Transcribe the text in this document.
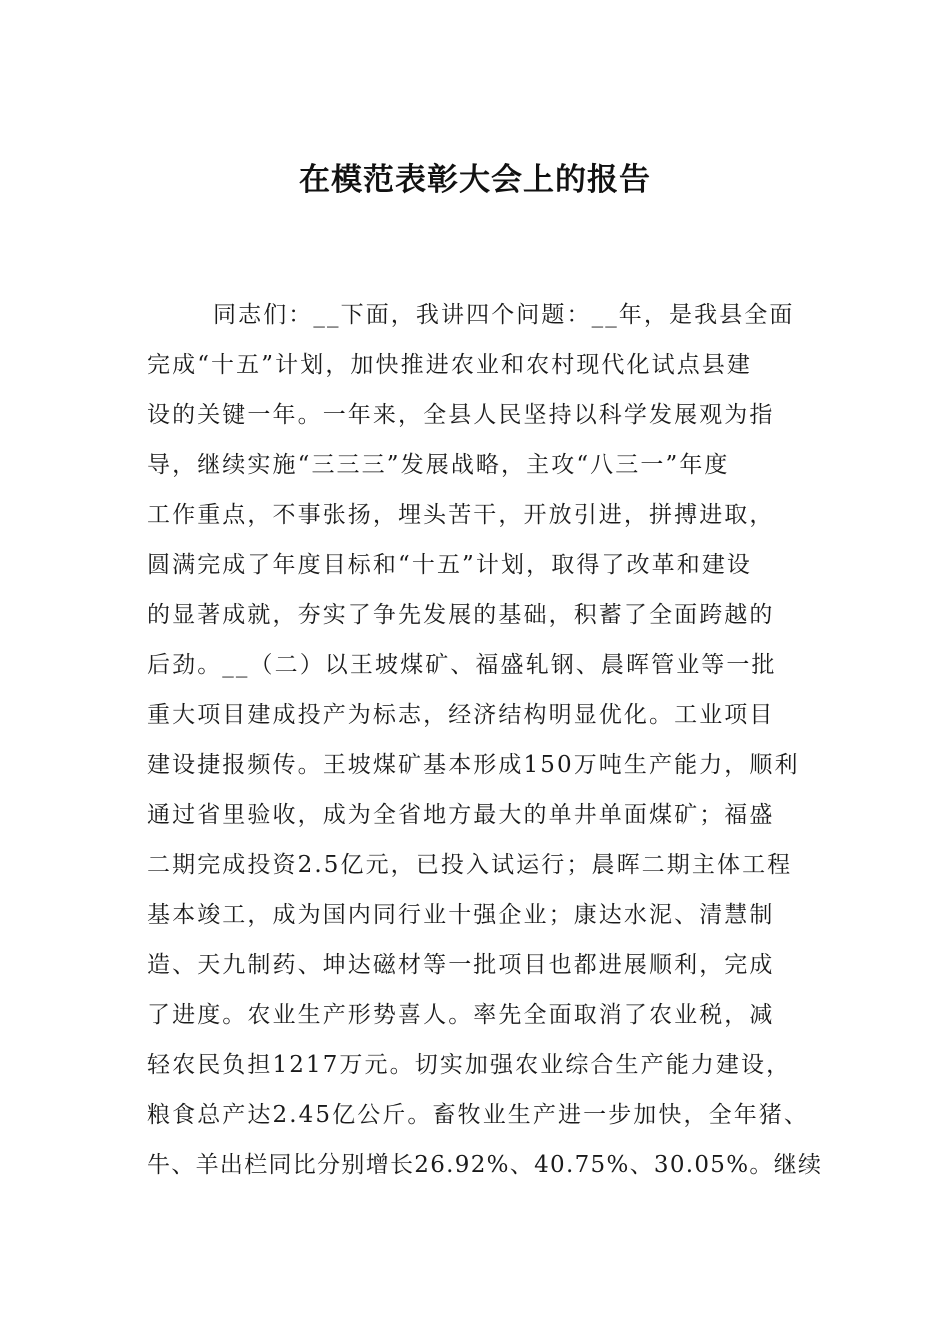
在模范表彰大会上的报告
同志们：__下面，我讲四个问题：__年，是我县全面
完成“十五”计划，加快推进农业和农村现代化试点县建
设的关键一年。一年来，全县人民坚持以科学发展观为指
导，继续实施“三三三”发展战略，主攻“八三一”年度
工作重点，不事张扬，埋头苦干，开放引进，拼搏进取，
圆满完成了年度目标和“十五”计划，取得了改革和建设
的显著成就，夯实了争先发展的基础，积蓄了全面跨越的
后劲。__（二）以王坡煤矿、福盛轧钢、晨晖管业等一批
重大项目建成投产为标志，经济结构明显优化。工业项目
建设捷报频传。王坡煤矿基本形成150万吨生产能力，顺利
通过省里验收，成为全省地方最大的单井单面煤矿；福盛
二期完成投资2.5亿元，已投入试运行；晨晖二期主体工程
基本竣工，成为国内同行业十强企业；康达水泥、清慧制
造、天九制药、坤达磁材等一批项目也都进展顺利，完成
了进度。农业生产形势喜人。率先全面取消了农业税，减
轻农民负担1217万元。切实加强农业综合生产能力建设，
粮食总产达2.45亿公斤。畜牧业生产进一步加快，全年猪、
牛、羊出栏同比分别增长26.92%、40.75%、30.05%。继续
